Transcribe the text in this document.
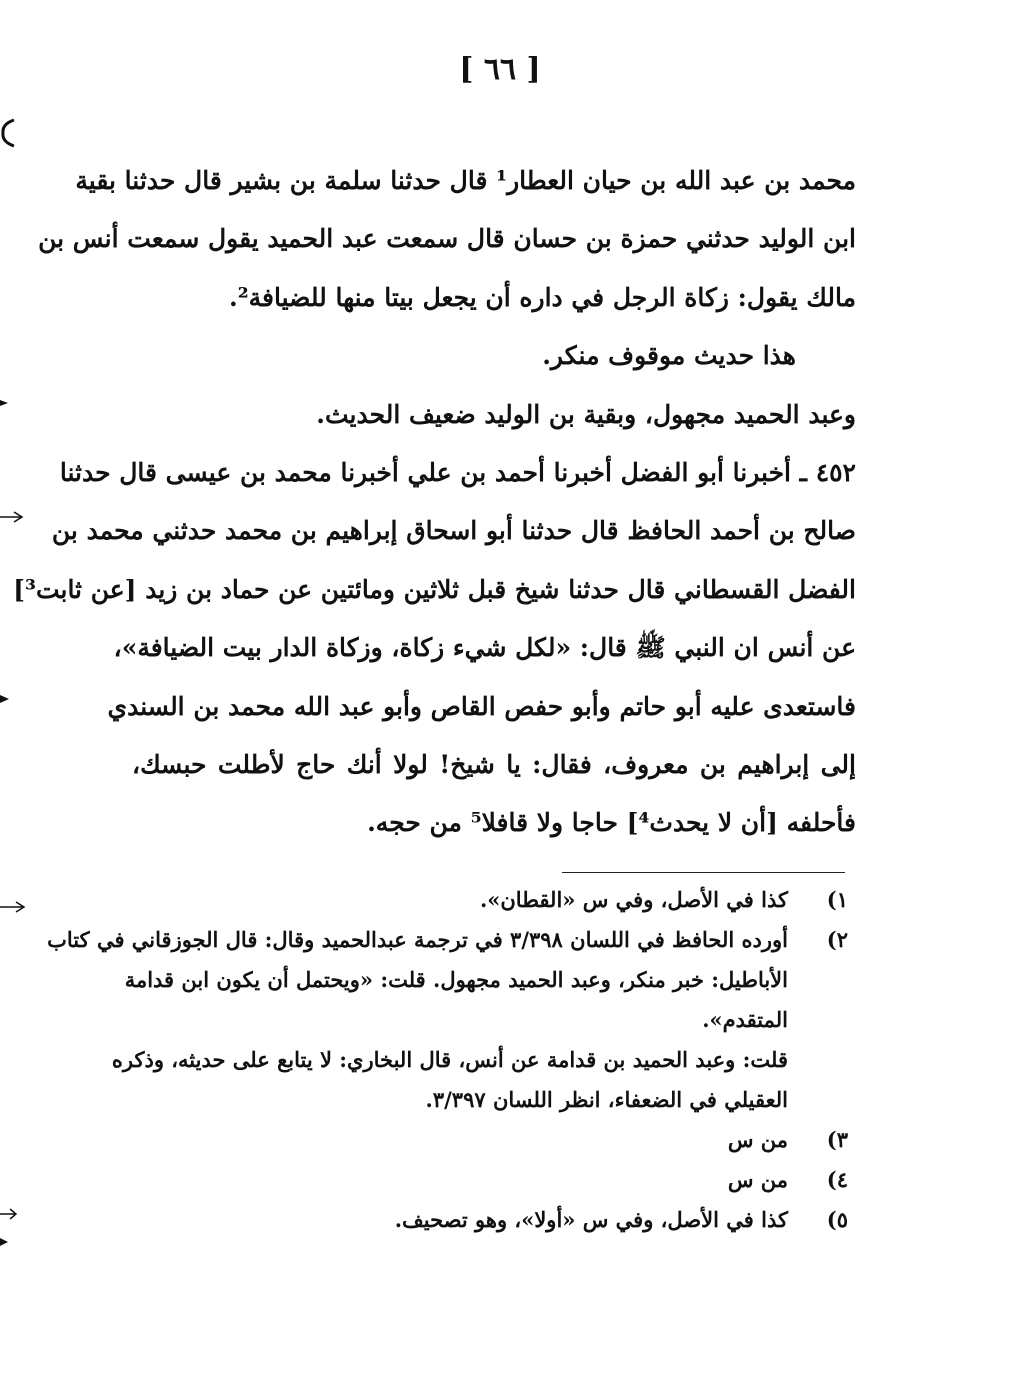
[ ٦٦ ]
محمد بن عبد الله بن حيان العطار¹ قال حدثنا سلمة بن بشير قال حدثنا بقية
ابن الوليد حدثني حمزة بن حسان قال سمعت عبد الحميد يقول سمعت أنس بن
مالك يقول: زكاة الرجل في داره أن يجعل بيتا منها للضيافة².
هذا حديث موقوف منكر.
وعبد الحميد مجهول، وبقية بن الوليد ضعيف الحديث.
٤٥٢ ـ أخبرنا أبو الفضل أخبرنا أحمد بن علي أخبرنا محمد بن عيسى قال حدثنا
صالح بن أحمد الحافظ قال حدثنا أبو اسحاق إبراهيم بن محمد حدثني محمد بن
الفضل القسطاني قال حدثنا شيخ قبل ثلاثين ومائتين عن حماد بن زيد [عن ثابت³]
عن أنس ان النبي ﷺ قال: «لكل شيء زكاة، وزكاة الدار بيت الضيافة»،
فاستعدى عليه أبو حاتم وأبو حفص القاص وأبو عبد الله محمد بن السندي
إلى إبراهيم بن معروف، فقال: يا شيخ! لولا أنك حاج لأطلت حبسك،
فأحلفه [أن لا يحدث⁴] حاجا ولا قافلا⁵ من حجه.
١)
كذا في الأصل، وفي س «القطان».
٢)
أورده الحافظ في اللسان ٣/٣٩٨ في ترجمة عبدالحميد وقال: قال الجوزقاني في كتاب
الأباطيل: خبر منكر، وعبد الحميد مجهول. قلت: «ويحتمل أن يكون ابن قدامة
المتقدم».
قلت: وعبد الحميد بن قدامة عن أنس، قال البخاري: لا يتابع على حديثه، وذكره
العقيلي في الضعفاء، انظر اللسان ٣/٣٩٧.
٣)
من س
٤)
من س
٥)
كذا في الأصل، وفي س «أولا»، وهو تصحيف.
